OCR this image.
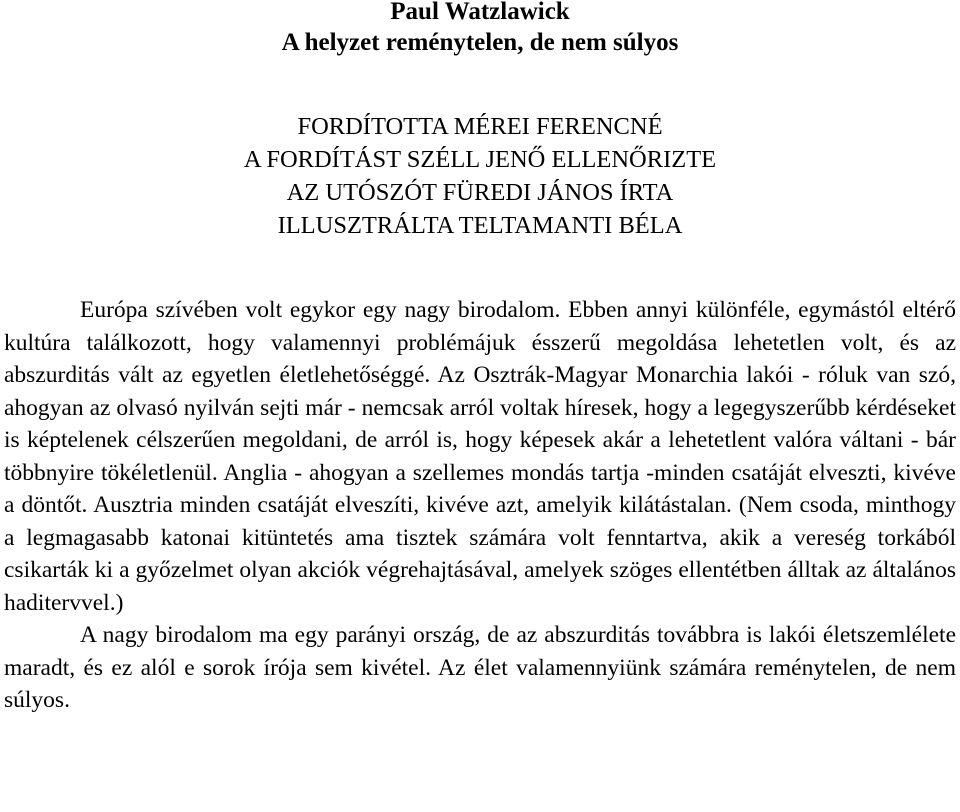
Paul Watzlawick
A helyzet reménytelen, de nem súlyos
FORDÍTOTTA MÉREI FERENCNÉ
A FORDÍTÁST SZÉLL JENŐ ELLENŐRIZTE
AZ UTÓSZÓT FÜREDI JÁNOS ÍRTA
ILLUSZTRÁLTA TELTAMANTI BÉLA

Európa szívében volt egykor egy nagy birodalom. Ebben annyi különféle, egymástól eltérő kultúra találkozott, hogy valamennyi problémájuk ésszerű megoldása lehetetlen volt, és az abszurditás vált az egyetlen életlehetőséggé. Az Osztrák-Magyar Monarchia lakói - róluk van szó, ahogyan az olvasó nyilván sejti már - nemcsak arról voltak híresek, hogy a legegyszerűbb kérdéseket is képtelenek célszerűen megoldani, de arról is, hogy képesek akár a lehetetlent valóra váltani - bár többnyire tökéletlenül. Anglia - ahogyan a szellemes mondás tartja -minden csatáját elveszti, kivéve a döntőt. Ausztria minden csatáját elveszíti, kivéve azt, amelyik kilátástalan. (Nem csoda, minthogy a legmagasabb katonai kitüntetés ama tisztek számára volt fenntartva, akik a vereség torkából csikarták ki a győzelmet olyan akciók végrehajtásával, amelyek szöges ellentétben álltak az általános haditervvel.)

A nagy birodalom ma egy parányi ország, de az abszurditás továbbra is lakói életszemlélete maradt, és ez alól e sorok írója sem kivétel. Az élet valamennyiünk számára reménytelen, de nem súlyos.
